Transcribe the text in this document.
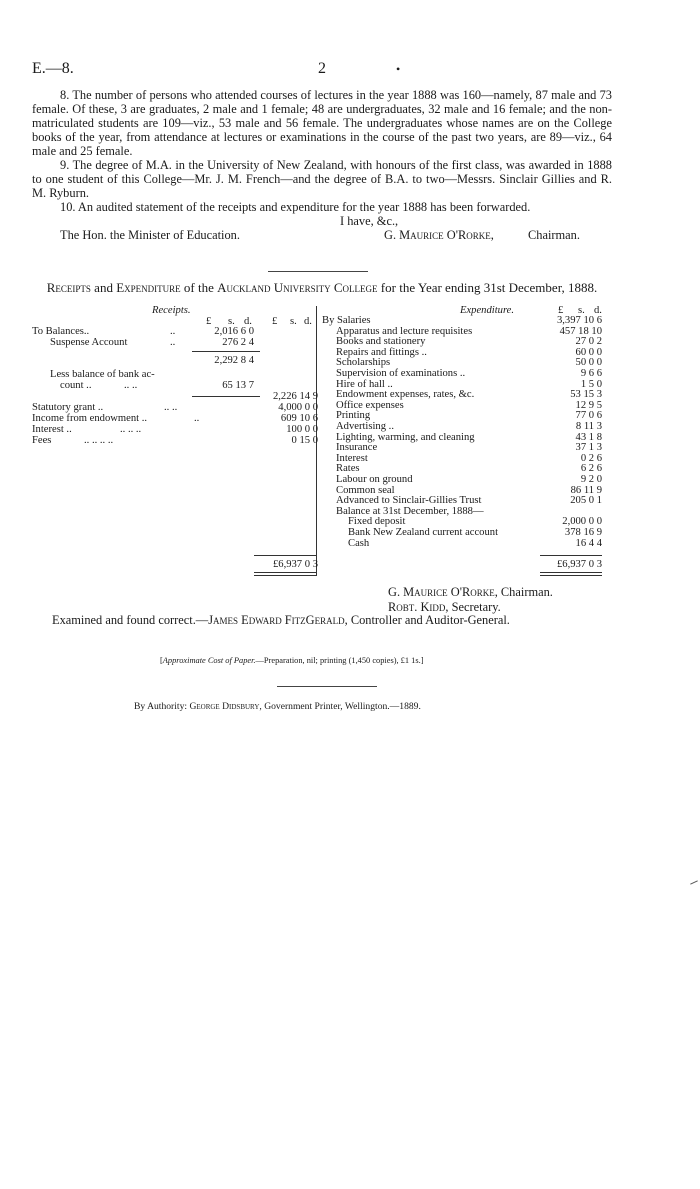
E.—8.	2	•

8. The number of persons who attended courses of lectures in the year 1888 was 160—namely, 87 male and 73 female. Of these, 3 are graduates, 2 male and 1 female; 48 are undergraduates, 32 male and 16 female; and the non-matriculated students are 109—viz., 53 male and 56 female. The undergraduates whose names are on the College books of the year, from attendance at lectures or examinations in the course of the past two years, are 89—viz., 64 male and 25 female.

9. The degree of M.A. in the University of New Zealand, with honours of the first class, was awarded in 1888 to one student of this College—Mr. J. M. French—and the degree of B.A. to two—Messrs. Sinclair Gillies and R. M. Ryburn.

10. An audited statement of the receipts and expenditure for the year 1888 has been forwarded.

I have, &c.,
The Hon. the Minister of Education.	G. Maurice O'Rorke,	Chairman.
Receipts and Expenditure of the Auckland University College for the Year ending 31st December, 1888.
Receipts.
£ s. d. £ s. d.
To Balances..	..	2,016 6 0
Suspense Account	..	276 2 4
2,292 8 4
Less balance of bank ac-
count ..	.. ..	65 13 7
2,226 14 9
Statutory grant ..	.. ..	4,000 0 0
Income from endowment ..	..	609 10 6
Interest ..	.. .. ..	100 0 0
Fees	.. .. .. ..	0 15 0
£6,937 0 3
Expenditure.	£ s. d.
By Salaries	3,397 10 6
Apparatus and lecture requisites	457 18 10
Books and stationery	27 0 2
Repairs and fittings ..	60 0 0
Scholarships	50 0 0
Supervision of examinations ..	9 6 6
Hire of hall ..	1 5 0
Endowment expenses, rates, &c.	53 15 3
Office expenses	12 9 5
Printing	77 0 6
Advertising ..	8 11 3
Lighting, warming, and cleaning	43 1 8
Insurance	37 1 3
Interest	0 2 6
Rates	6 2 6
Labour on ground	9 2 0
Common seal	86 11 9
Advanced to Sinclair-Gillies Trust	205 0 1
Balance at 31st December, 1888—
Fixed deposit	2,000 0 0
Bank New Zealand current account	378 16 9
Cash	16 4 4
£6,937 0 3
G. Maurice O'Rorke, Chairman.
Robt. Kidd, Secretary.
Examined and found correct.—James Edward FitzGerald, Controller and Auditor-General.
[Approximate Cost of Paper.—Preparation, nil; printing (1,450 copies), £1 1s.]
By Authority: George Didsbury, Government Printer, Wellington.—1889.
